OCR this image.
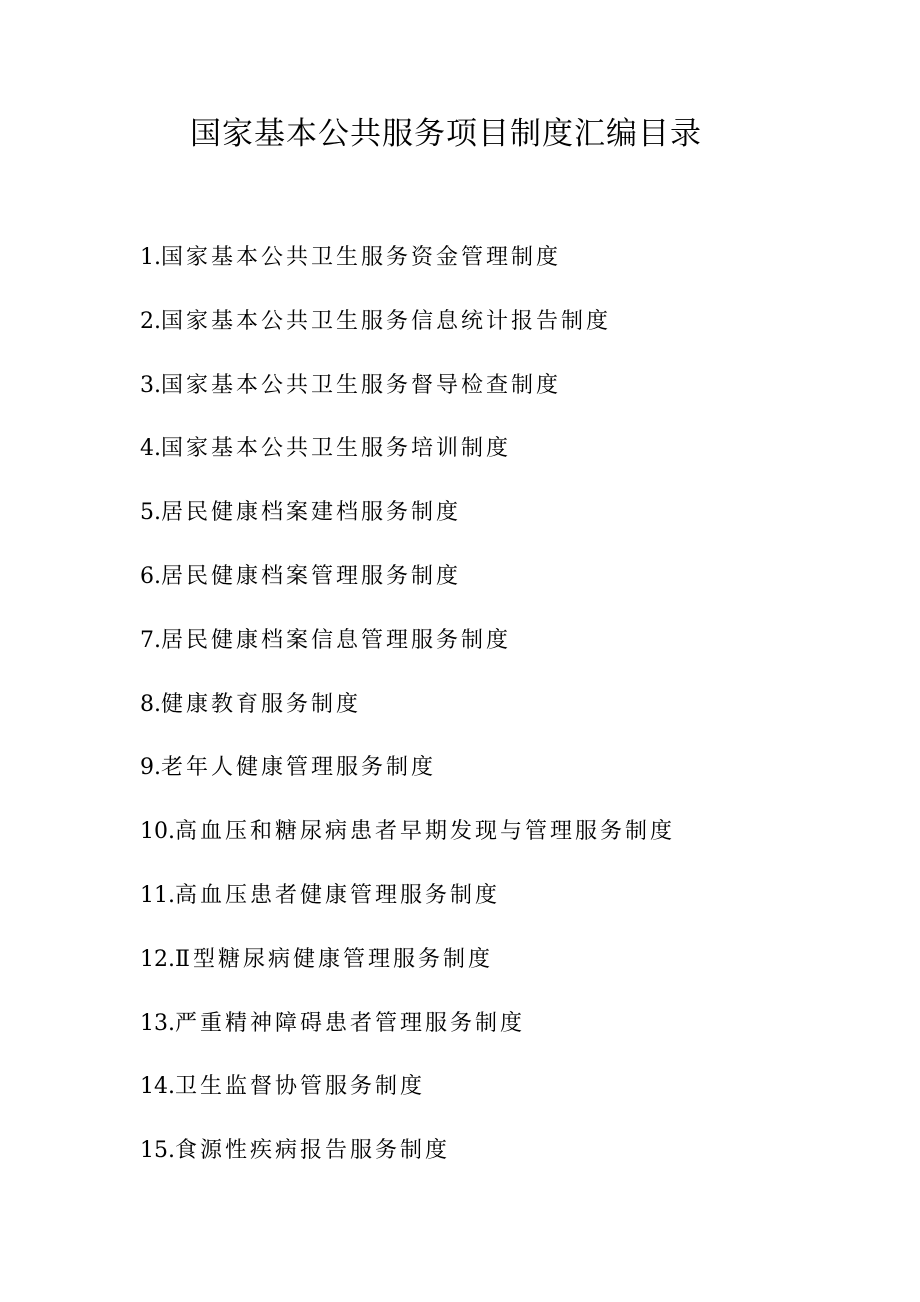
国家基本公共服务项目制度汇编目录
1.国家基本公共卫生服务资金管理制度
2.国家基本公共卫生服务信息统计报告制度
3.国家基本公共卫生服务督导检查制度
4.国家基本公共卫生服务培训制度
5.居民健康档案建档服务制度
6.居民健康档案管理服务制度
7.居民健康档案信息管理服务制度
8.健康教育服务制度
9.老年人健康管理服务制度
10.高血压和糖尿病患者早期发现与管理服务制度
11.高血压患者健康管理服务制度
12.Ⅱ型糖尿病健康管理服务制度
13.严重精神障碍患者管理服务制度
14.卫生监督协管服务制度
15.食源性疾病报告服务制度
